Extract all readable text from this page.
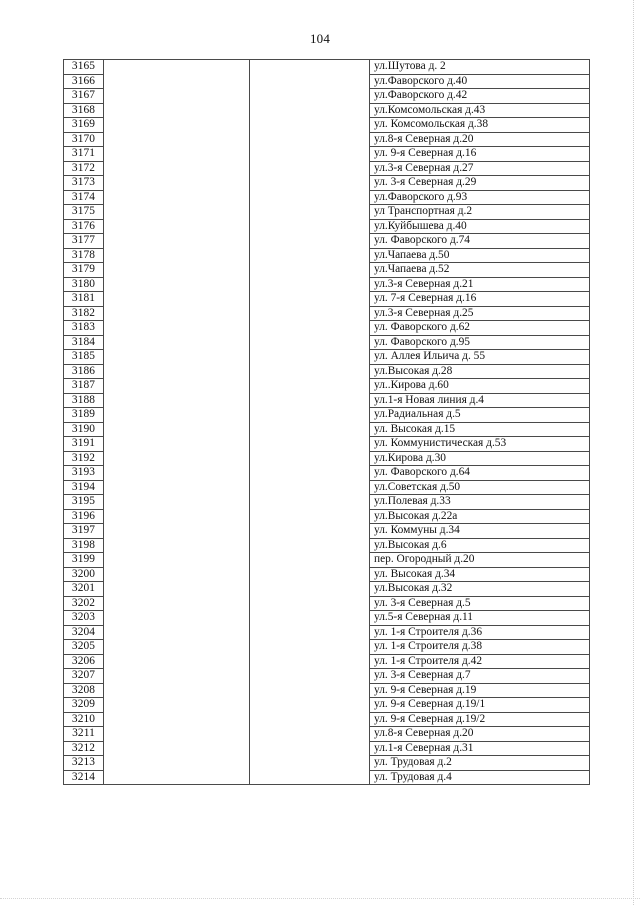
104
3165			ул.Шутова д. 2
3166			ул.Фаворского д.40
3167			ул.Фаворского д.42
3168			ул.Комсомольская д.43
3169			ул. Комсомольская д.38
3170			ул.8-я Северная д.20
3171			ул. 9-я Северная д.16
3172			ул.3-я Северная д.27
3173			ул. 3-я Северная д.29
3174			ул.Фаворского д.93
3175			ул Транспортная д.2
3176			ул.Куйбышева д.40
3177			ул. Фаворского д.74
3178			ул.Чапаева д.50
3179			ул.Чапаева д.52
3180			ул.3-я Северная д.21
3181			ул. 7-я Северная д.16
3182			ул.3-я Северная д.25
3183			ул. Фаворского д.62
3184			ул. Фаворского д.95
3185			ул. Аллея Ильича д. 55
3186			ул.Высокая д.28
3187			ул..Кирова д.60
3188			ул.1-я Новая линия д.4
3189			ул.Радиальная д.5
3190			ул. Высокая д.15
3191			ул. Коммунистическая д.53
3192			ул.Кирова д.30
3193			ул. Фаворского д.64
3194			ул.Советская д.50
3195			ул.Полевая д.33
3196			ул.Высокая д.22а
3197			ул. Коммуны д.34
3198			ул.Высокая д.6
3199			пер. Огородный д.20
3200			ул. Высокая д.34
3201			ул.Высокая д.32
3202			ул. 3-я Северная д.5
3203			ул.5-я Северная д.11
3204			ул. 1-я Строителя д.36
3205			ул. 1-я Строителя д.38
3206			ул. 1-я Строителя д.42
3207			ул. 3-я Северная д.7
3208			ул. 9-я Северная д.19
3209			ул. 9-я Северная д.19/1
3210			ул. 9-я Северная д.19/2
3211			ул.8-я Северная д.20
3212			ул.1-я Северная д.31
3213			ул. Трудовая д.2
3214			ул. Трудовая д.4
